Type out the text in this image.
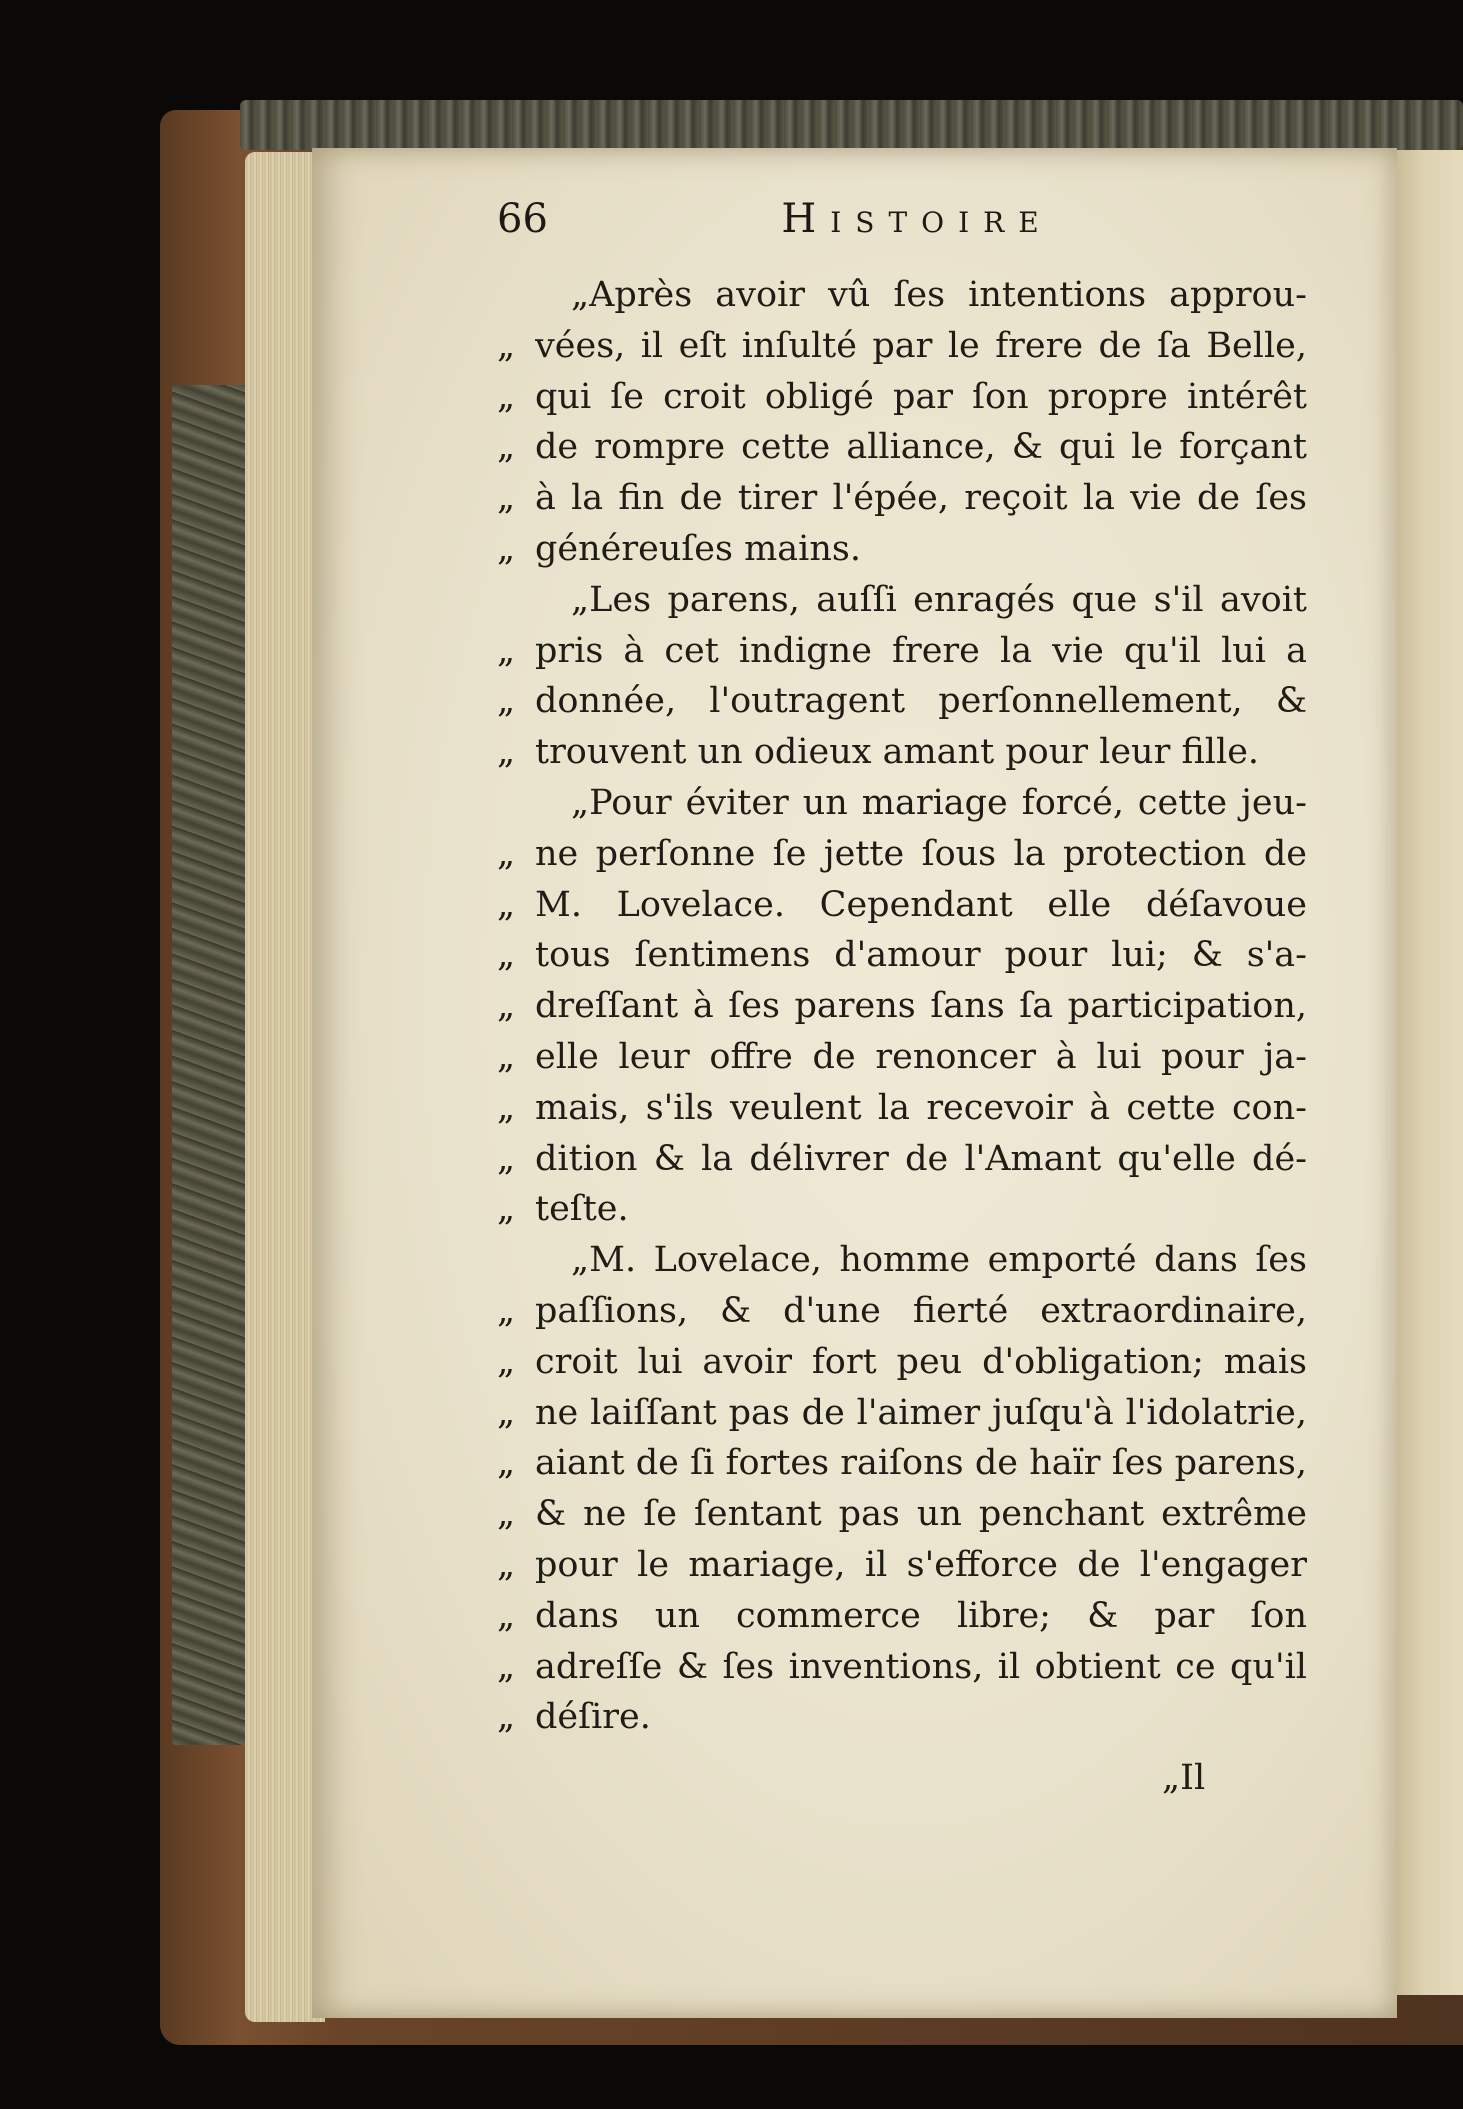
66	Histoire
„Après avoir vû ſes intentions approu-
„ vées, il eſt inſulté par le frere de ſa Belle,
„ qui ſe croit obligé par ſon propre intérêt
„ de rompre cette alliance, & qui le forçant
„ à la fin de tirer l'épée, reçoit la vie de ſes
„ généreuſes mains.
„Les parens, auſſi enragés que s'il avoit
„ pris à cet indigne frere la vie qu'il lui a
„ donnée, l'outragent perſonnellement, &
„ trouvent un odieux amant pour leur fille.
„Pour éviter un mariage forcé, cette jeu-
„ ne perſonne ſe jette ſous la protection de
„ M. Lovelace. Cependant elle déſavoue
„ tous ſentimens d'amour pour lui; & s'a-
„ dreſſant à ſes parens ſans ſa participation,
„ elle leur offre de renoncer à lui pour ja-
„ mais, s'ils veulent la recevoir à cette con-
„ dition & la délivrer de l'Amant qu'elle dé-
„ teſte.
„M. Lovelace, homme emporté dans ſes
„ paſſions, & d'une fierté extraordinaire,
„ croit lui avoir fort peu d'obligation; mais
„ ne laiſſant pas de l'aimer juſqu'à l'idolatrie,
„ aiant de ſi fortes raiſons de haïr ſes parens,
„ & ne ſe ſentant pas un penchant extrême
„ pour le mariage, il s'efforce de l'engager
„ dans un commerce libre; & par ſon
„ adreſſe & ſes inventions, il obtient ce qu'il
„ déſire.
„Il
